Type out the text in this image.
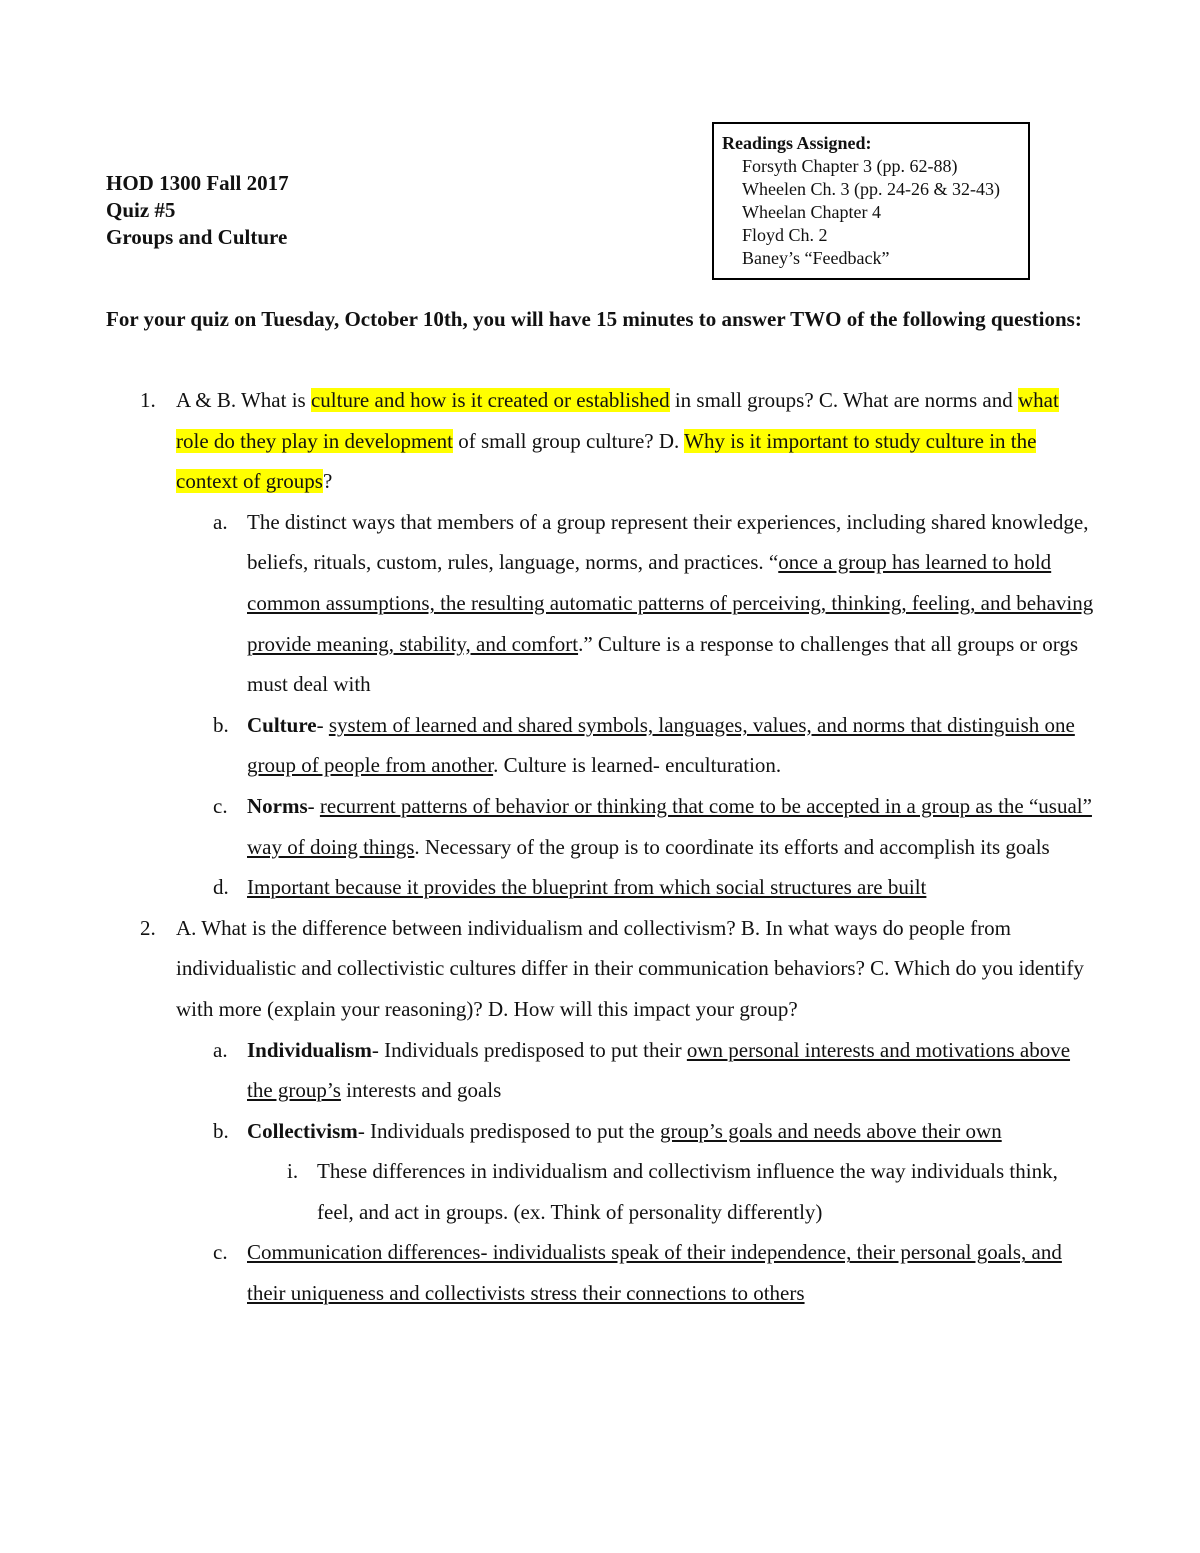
HOD 1300 Fall 2017
Quiz #5
Groups and Culture
Readings Assigned:
Forsyth Chapter 3 (pp. 62-88)
Wheelen Ch. 3 (pp. 24-26 & 32-43)
Wheelan Chapter 4
Floyd Ch. 2
Baney’s “Feedback”
For your quiz on Tuesday, October 10th, you will have 15 minutes to answer TWO of the following questions:
1. A & B. What is culture and how is it created or established in small groups? C. What are norms and what role do they play in development of small group culture? D. Why is it important to study culture in the context of groups?
a. The distinct ways that members of a group represent their experiences, including shared knowledge, beliefs, rituals, custom, rules, language, norms, and practices. “once a group has learned to hold common assumptions, the resulting automatic patterns of perceiving, thinking, feeling, and behaving provide meaning, stability, and comfort.” Culture is a response to challenges that all groups or orgs must deal with
b. Culture- system of learned and shared symbols, languages, values, and norms that distinguish one group of people from another. Culture is learned- enculturation.
c. Norms- recurrent patterns of behavior or thinking that come to be accepted in a group as the “usual” way of doing things. Necessary of the group is to coordinate its efforts and accomplish its goals
d. Important because it provides the blueprint from which social structures are built
2. A. What is the difference between individualism and collectivism? B. In what ways do people from individualistic and collectivistic cultures differ in their communication behaviors? C. Which do you identify with more (explain your reasoning)? D. How will this impact your group?
a. Individualism- Individuals predisposed to put their own personal interests and motivations above the group’s interests and goals
b. Collectivism- Individuals predisposed to put the group’s goals and needs above their own
i. These differences in individualism and collectivism influence the way individuals think, feel, and act in groups. (ex. Think of personality differently)
c. Communication differences- individualists speak of their independence, their personal goals, and their uniqueness and collectivists stress their connections to others
